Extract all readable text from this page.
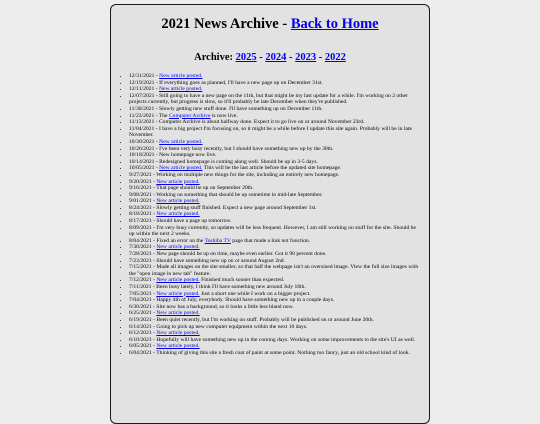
2021 News Archive - Back to Home
Archive: 2025 - 2024 - 2023 - 2022
• 12/31/2021 - New article posted.
• 12/19/2021 - If everything goes as planned, I'll have a new page up on December 31st.
• 12/11/2021 - New article posted.
• 12/07/2021 - Still going to have a new page on the 11th, but that might be my last update for a while. I'm working on 2 other projects currently, but progress is slow, so it'll probably be late December when they're published.
• 11/30/2021 - Slowly getting new stuff done. I'll have something up on December 11th.
• 11/23/2021 - The Computer Archive is now live.
• 11/13/2021 - Computer Archive is about halfway done. Expect it to go live on or around November 23rd.
• 11/04/2021 - I have a big project I'm focusing on, so it might be a while before I update this site again. Probably will be in late November.
• 10/30/2021 - New article posted.
• 10/26/2021 - I've been very busy recently, but I should have something new up by the 30th.
• 10/18/2021 - New homepage now live.
• 10/14/2021 - Redesigned homepage is coming along well. Should be up in 3-5 days.
• 10/05/2021 - New article posted. This will be the last article before the updated site homepage.
• 9/27/2021 - Working on multiple new things for the site, including an entirely new homepage.
• 9/20/2021 - New article posted.
• 9/16/2021 - That page should be up on September 20th.
• 9/08/2021 - Working on something that should be up sometime in mid-late September.
• 9/01/2021 - New article posted.
• 8/24/2021 - Slowly getting stuff finished. Expect a new page around September 1st.
• 8/18/2021 - New article posted.
• 8/17/2021 - Should have a page up tomorrow.
• 8/09/2021 - I'm very busy currently, so updates will be less frequent. However, I am still working on stuff for the site. Should be up within the next 2 weeks.
• 8/04/2021 - Fixed an error on the Toshiba TV page that made a link not function.
• 7/30/2021 - New article posted.
• 7/28/2021 - New page should be up on time, maybe even earlier. Got it 90 percent done.
• 7/23/2021 - Should have something new up on or around August 2nd.
• 7/15/2021 - Made all images on the site smaller, so that half the webpage isn't an oversized image. View the full size images with the "open image in new tab" feature.
• 7/12/2021 - New article posted. Finished much sooner than expected.
• 7/11/2021 - Been busy lately, I think I'll have something new around July 18th.
• 7/05/2021 - New article posted. Just a short one while I work on a bigger project.
• 7/04/2021 - Happy 4th of July, everybody. Should have something new up in a couple days.
• 6/30/2021 - Site now has a background, so it looks a little less bland now.
• 6/25/2021 - New article posted.
• 6/19/2021 - Been quiet recently, but I'm working on stuff. Probably will be published on or around June 20th.
• 6/14/2021 - Going to pick up new computer equipment within the next 10 days.
• 6/12/2021 - New article posted.
• 6/10/2021 - Hopefully will have something new up in the coming days. Working on some improvements to the site's UI as well.
• 6/05/2021 - New article posted.
• 6/04/2021 - Thinking of giving this site a fresh coat of paint at some point. Nothing too fancy, just an old school kind of look.
